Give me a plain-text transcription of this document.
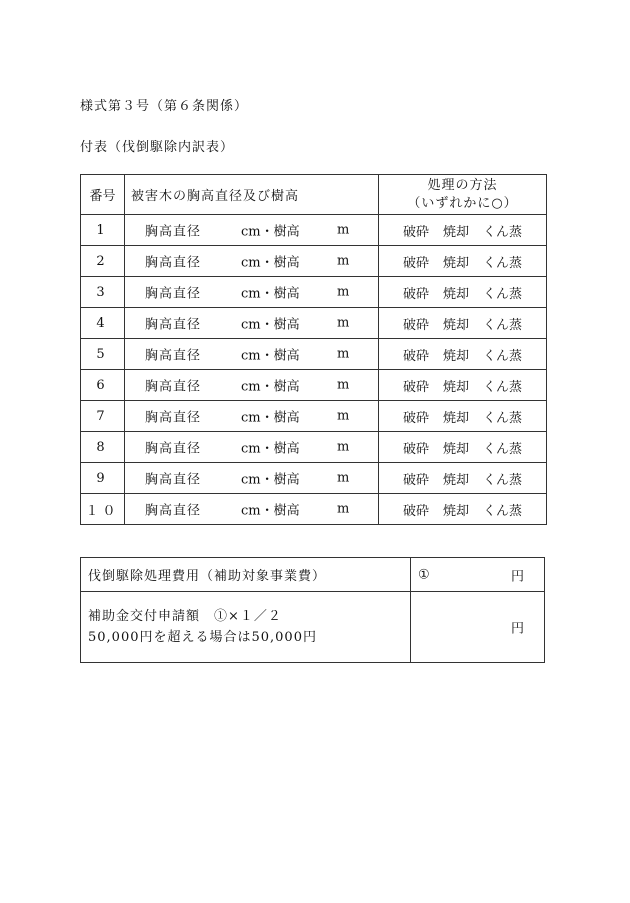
様式第３号（第６条関係）
付表（伐倒駆除内訳表）
番号	被害木の胸高直径及び樹高	処理の方法
（いずれかに○）

1	胸高直径 cm・樹高 m	破砕 焼却 くん蒸
2	胸高直径 cm・樹高 m	破砕 焼却 くん蒸
3	胸高直径 cm・樹高 m	破砕 焼却 くん蒸
4	胸高直径 cm・樹高 m	破砕 焼却 くん蒸
5	胸高直径 cm・樹高 m	破砕 焼却 くん蒸
6	胸高直径 cm・樹高 m	破砕 焼却 くん蒸
7	胸高直径 cm・樹高 m	破砕 焼却 くん蒸
8	胸高直径 cm・樹高 m	破砕 焼却 くん蒸
9	胸高直径 cm・樹高 m	破砕 焼却 くん蒸
１０	胸高直径 cm・樹高 m	破砕 焼却 くん蒸
伐倒駆除処理費用（補助対象事業費）	① 円

補助金交付申請額　①×１／２
50,000円を超える場合は50,000円	円
